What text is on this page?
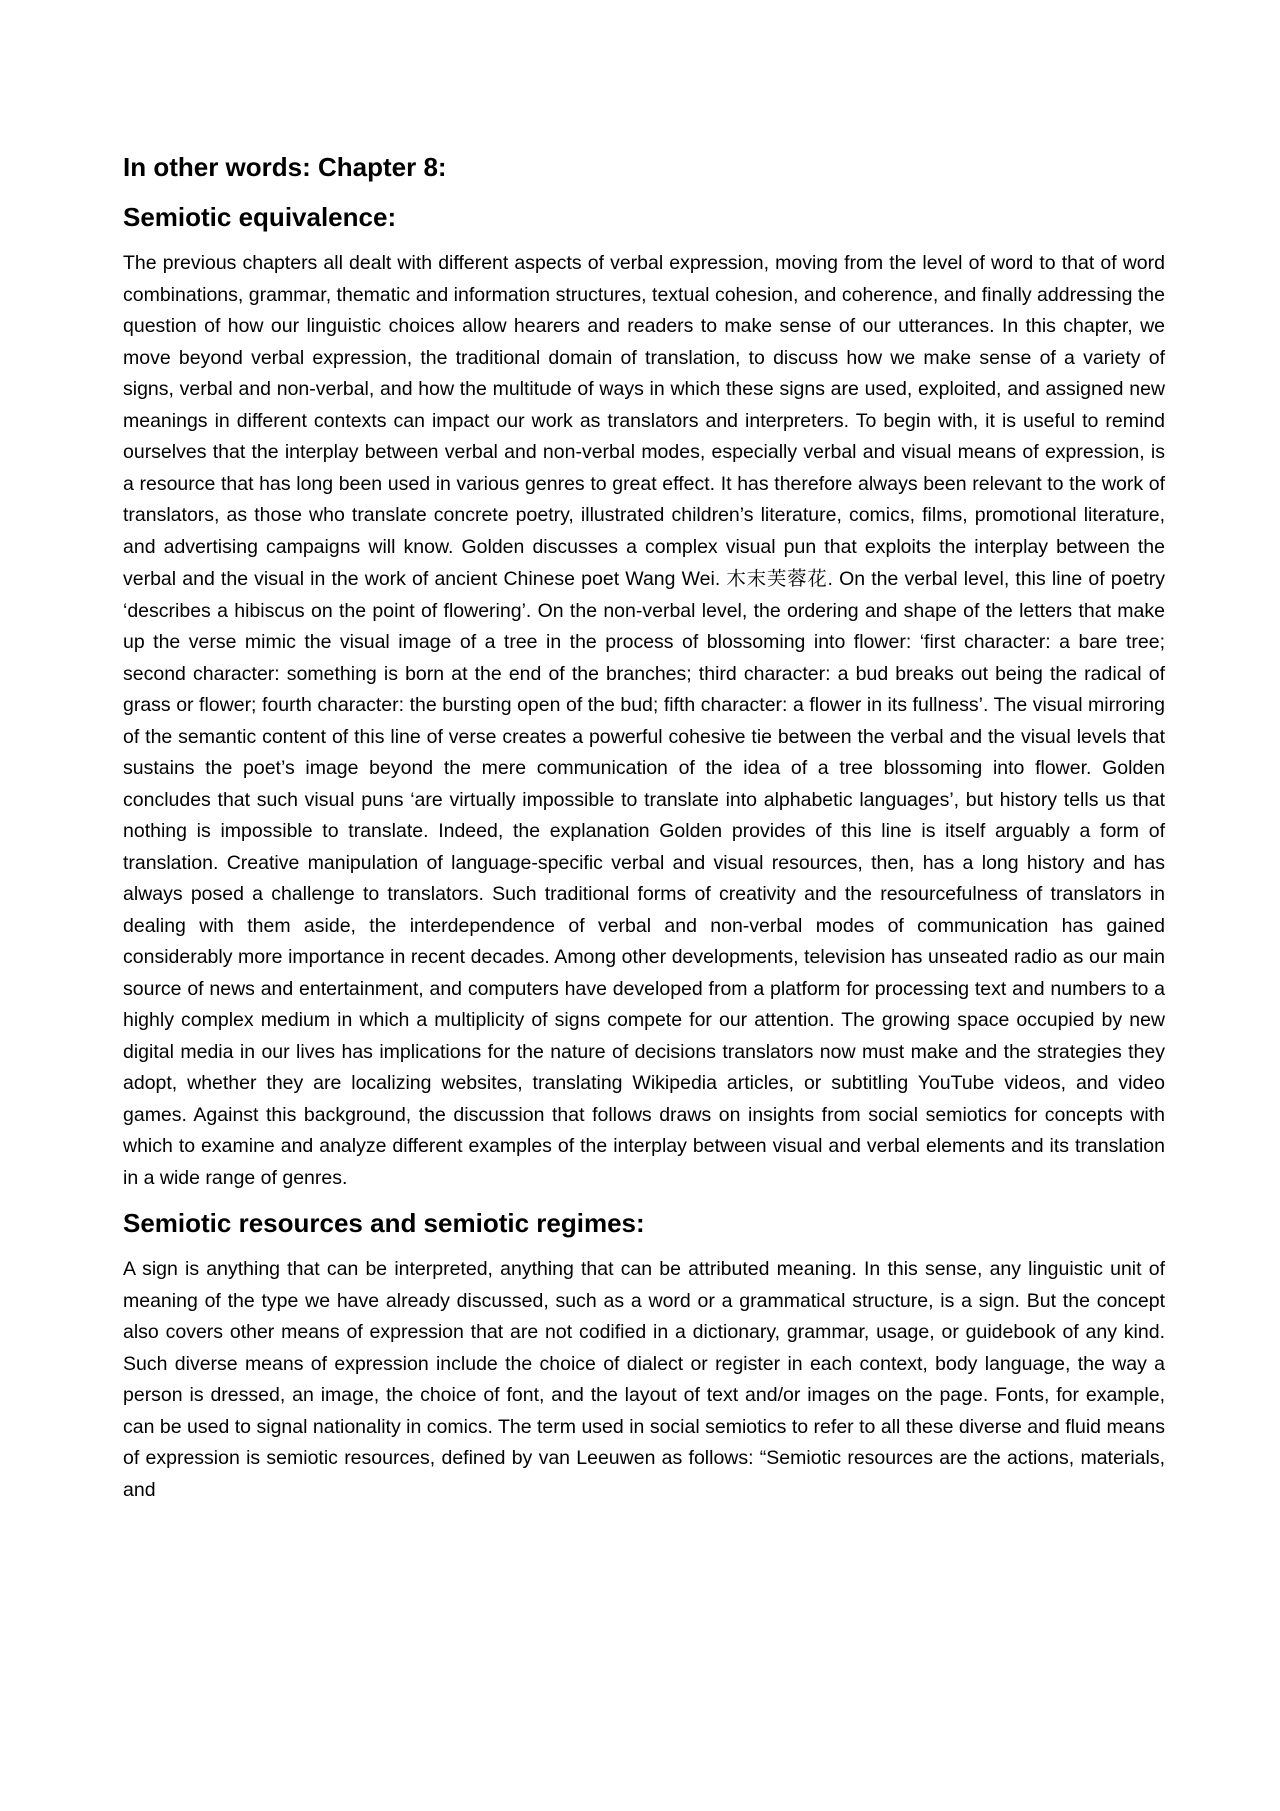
In other words: Chapter 8:
Semiotic equivalence:

The previous chapters all dealt with different aspects of verbal expression, moving from the level of word to that of word combinations, grammar, thematic and information structures, textual cohesion, and coherence, and finally addressing the question of how our linguistic choices allow hearers and readers to make sense of our utterances. In this chapter, we move beyond verbal expression, the traditional domain of translation, to discuss how we make sense of a variety of signs, verbal and non-verbal, and how the multitude of ways in which these signs are used, exploited, and assigned new meanings in different contexts can impact our work as translators and interpreters. To begin with, it is useful to remind ourselves that the interplay between verbal and non-verbal modes, especially verbal and visual means of expression, is a resource that has long been used in various genres to great effect. It has therefore always been relevant to the work of translators, as those who translate concrete poetry, illustrated children’s literature, comics, films, promotional literature, and advertising campaigns will know. Golden discusses a complex visual pun that exploits the interplay between the verbal and the visual in the work of ancient Chinese poet Wang Wei. 木末芙蓉花. On the verbal level, this line of poetry ‘describes a hibiscus on the point of flowering’. On the non-verbal level, the ordering and shape of the letters that make up the verse mimic the visual image of a tree in the process of blossoming into flower: ‘first character: a bare tree; second character: something is born at the end of the branches; third character: a bud breaks out being the radical of grass or flower; fourth character: the bursting open of the bud; fifth character: a flower in its fullness’. The visual mirroring of the semantic content of this line of verse creates a powerful cohesive tie between the verbal and the visual levels that sustains the poet’s image beyond the mere communication of the idea of a tree blossoming into flower. Golden concludes that such visual puns ‘are virtually impossible to translate into alphabetic languages’, but history tells us that nothing is impossible to translate. Indeed, the explanation Golden provides of this line is itself arguably a form of translation. Creative manipulation of language-specific verbal and visual resources, then, has a long history and has always posed a challenge to translators. Such traditional forms of creativity and the resourcefulness of translators in dealing with them aside, the interdependence of verbal and non-verbal modes of communication has gained considerably more importance in recent decades. Among other developments, television has unseated radio as our main source of news and entertainment, and computers have developed from a platform for processing text and numbers to a highly complex medium in which a multiplicity of signs compete for our attention. The growing space occupied by new digital media in our lives has implications for the nature of decisions translators now must make and the strategies they adopt, whether they are localizing websites, translating Wikipedia articles, or subtitling YouTube videos, and video games. Against this background, the discussion that follows draws on insights from social semiotics for concepts with which to examine and analyze different examples of the interplay between visual and verbal elements and its translation in a wide range of genres.

Semiotic resources and semiotic regimes:

A sign is anything that can be interpreted, anything that can be attributed meaning. In this sense, any linguistic unit of meaning of the type we have already discussed, such as a word or a grammatical structure, is a sign. But the concept also covers other means of expression that are not codified in a dictionary, grammar, usage, or guidebook of any kind. Such diverse means of expression include the choice of dialect or register in each context, body language, the way a person is dressed, an image, the choice of font, and the layout of text and/or images on the page. Fonts, for example, can be used to signal nationality in comics. The term used in social semiotics to refer to all these diverse and fluid means of expression is semiotic resources, defined by van Leeuwen as follows: “Semiotic resources are the actions, materials, and
